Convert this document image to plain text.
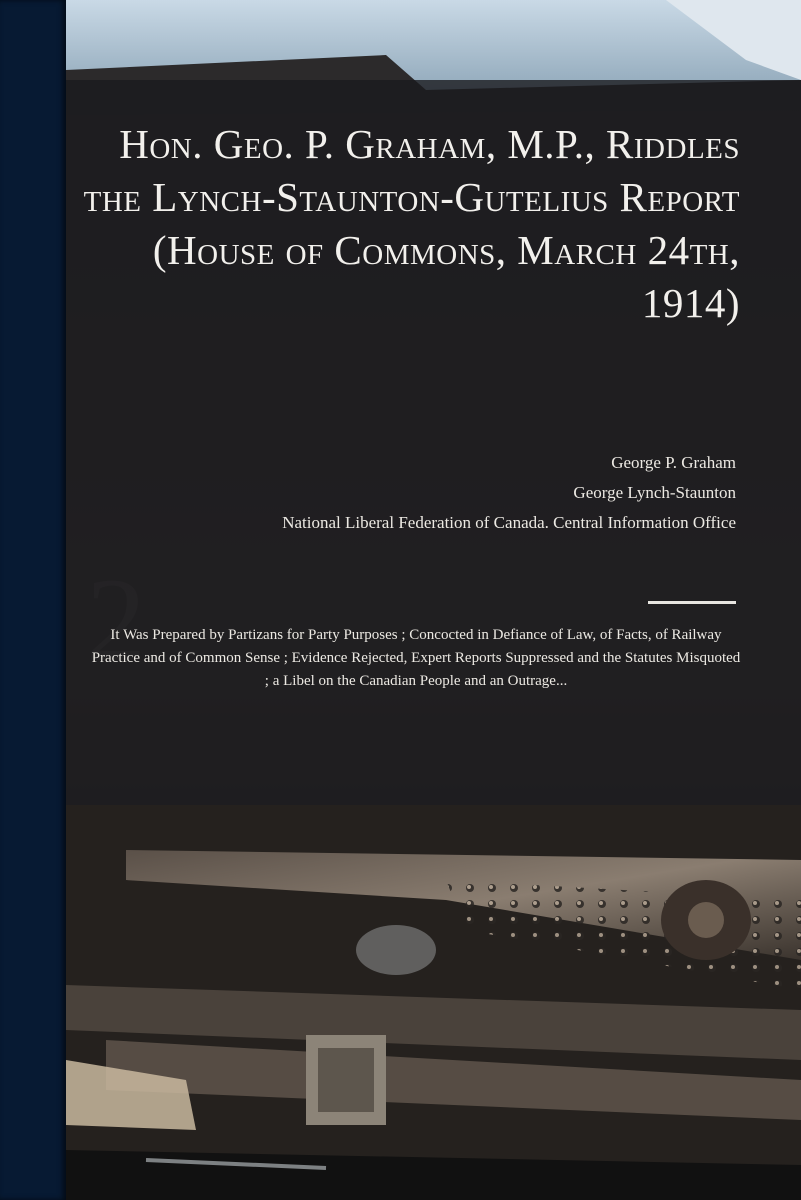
Hon. Geo. P. Graham, M.P., Riddles the Lynch-Staunton-Gutelius Report (House of Commons, March 24th, 1914)
George P. Graham
George Lynch-Staunton
National Liberal Federation of Canada. Central Information Office
It Was Prepared by Partizans for Party Purposes ; Concocted in Defiance of Law, of Facts, of Railway Practice and of Common Sense ; Evidence Rejected, Expert Reports Suppressed and the Statutes Misquoted ; a Libel on the Canadian People and an Outrage...
